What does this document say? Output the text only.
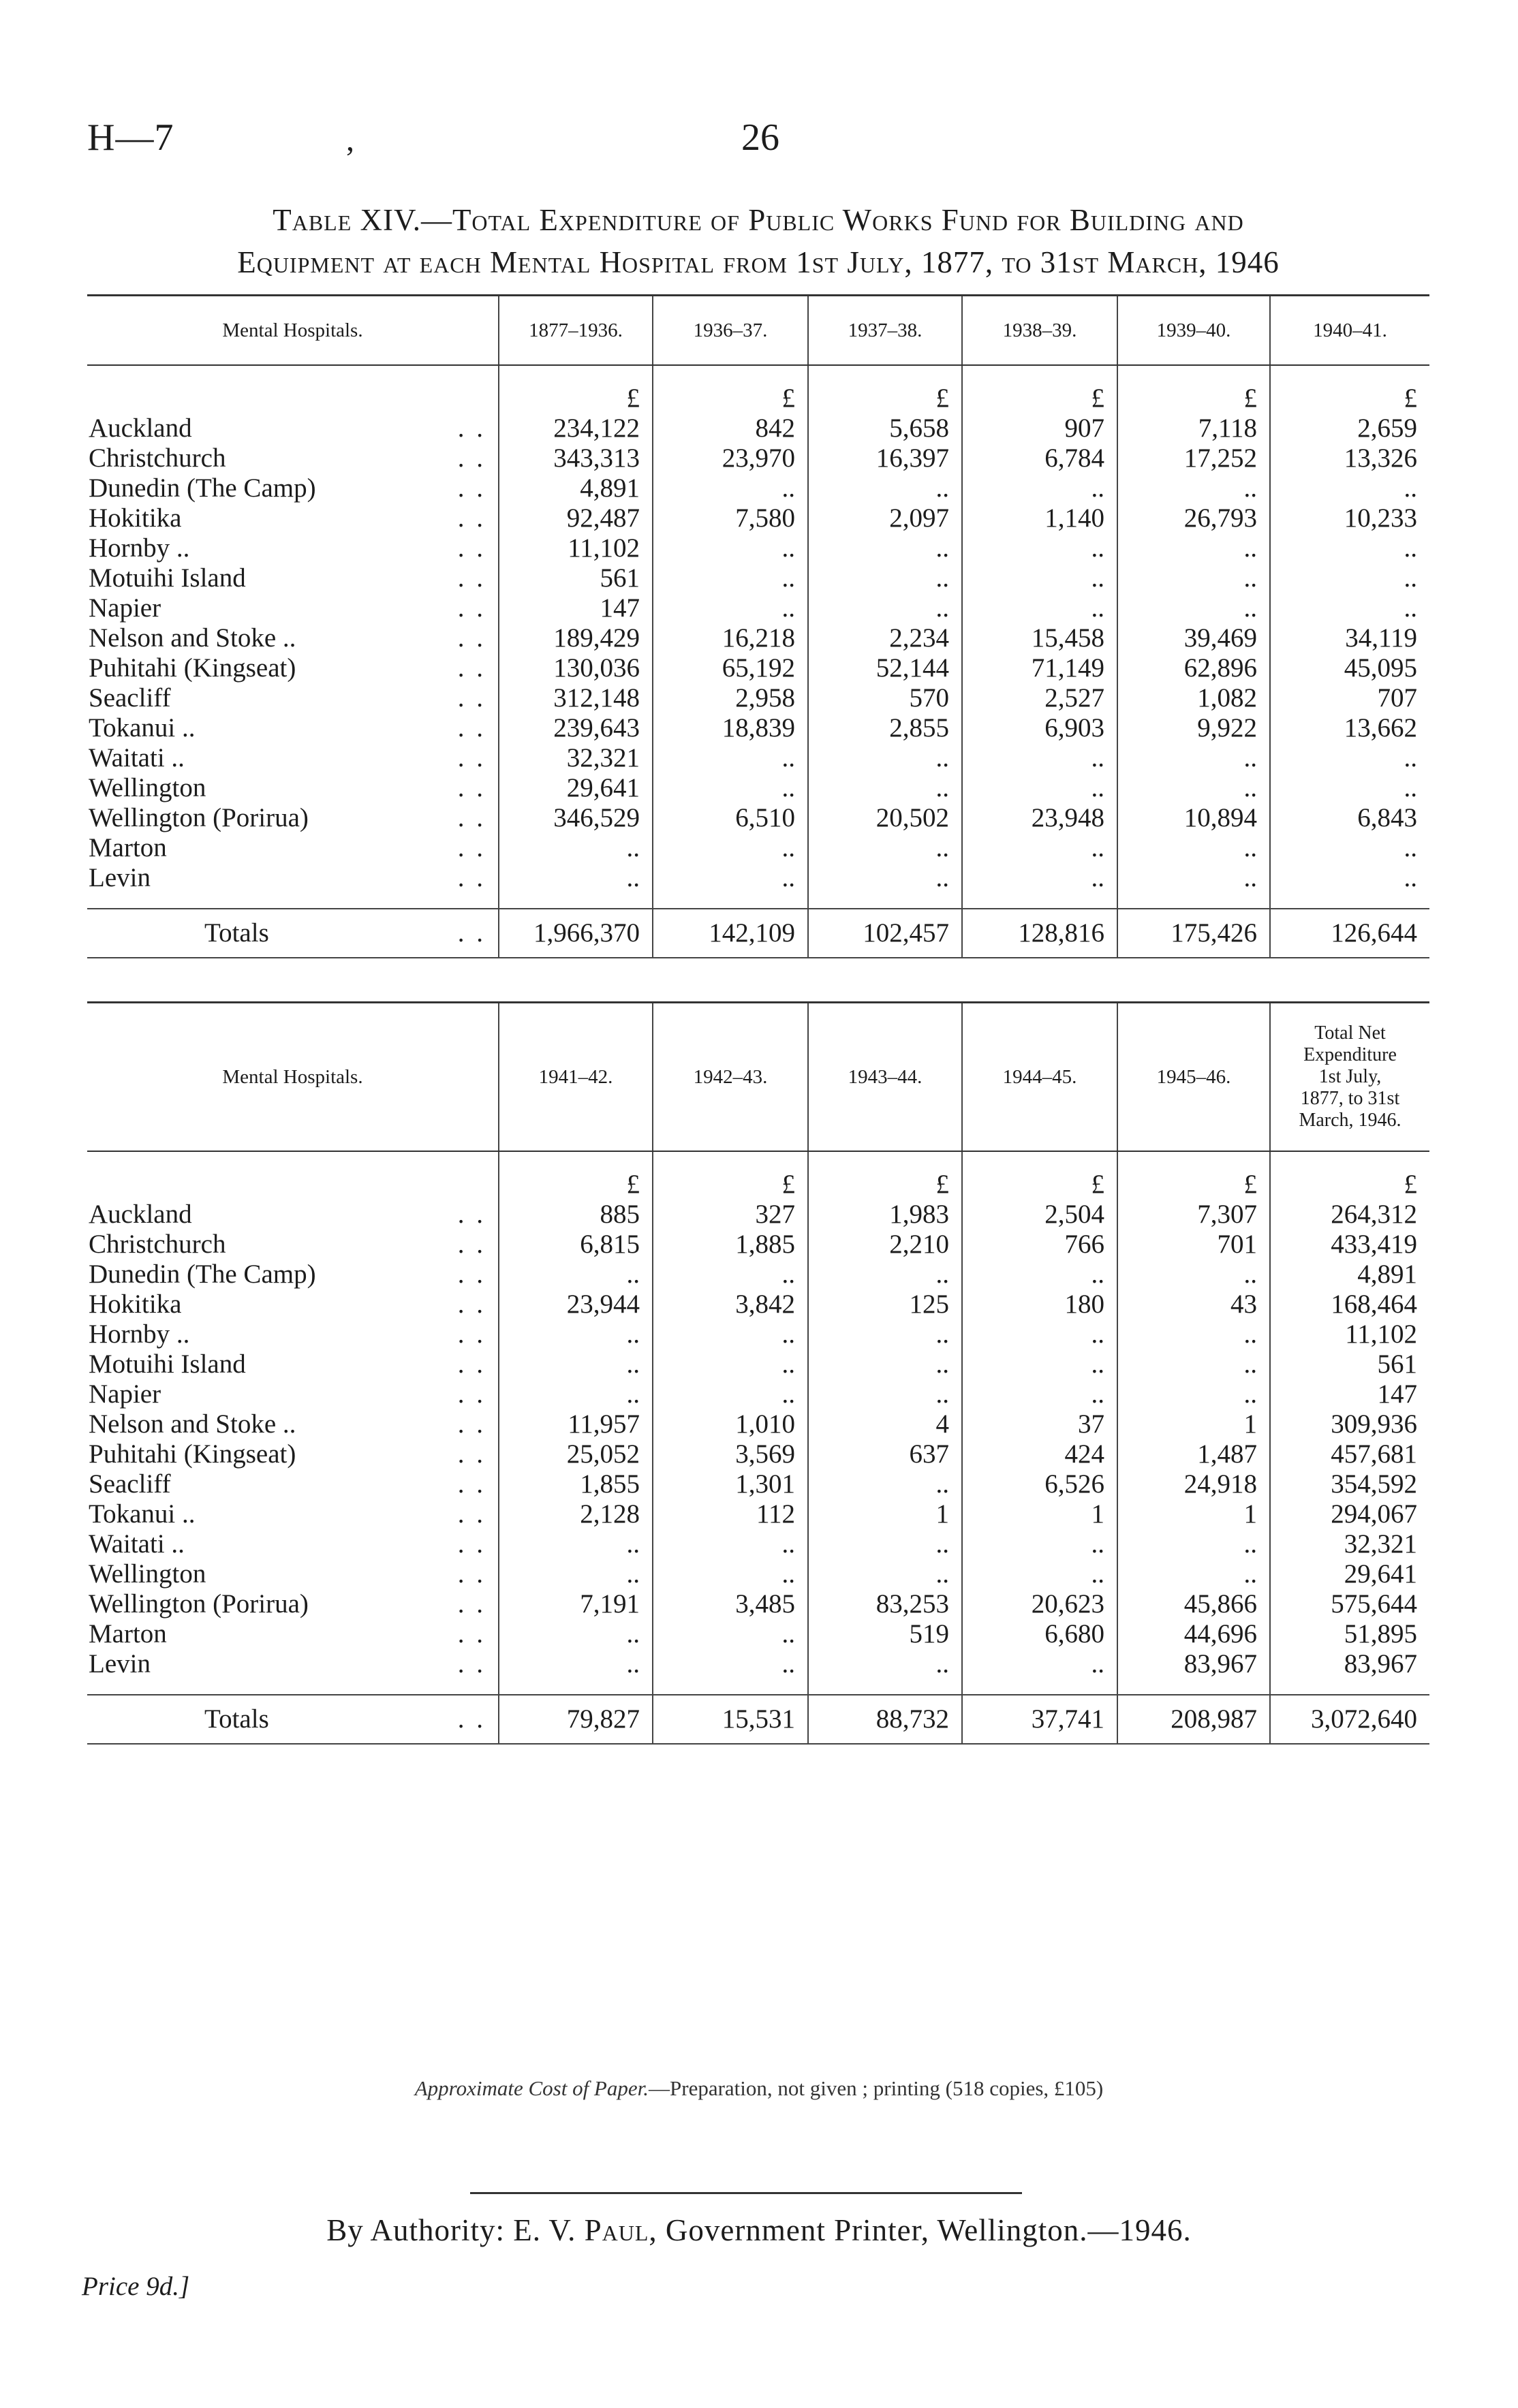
H—7	,	26
Table XIV.—Total Expenditure of Public Works Fund for Building and
Equipment at each Mental Hospital from 1st July, 1877, to 31st March, 1946
Mental Hospitals.	1877–1936.	1936–37.	1937–38.	1938–39.	1939–40.	1940–41.
	£	£	£	£	£	£
Auckland . .	234,122	842	5,658	907	7,118	2,659
Christchurch . .	343,313	23,970	16,397	6,784	17,252	13,326
Dunedin (The Camp) . .	4,891	..	..	..	..	..
Hokitika . .	92,487	7,580	2,097	1,140	26,793	10,233
Hornby .. . .	11,102	..	..	..	..	..
Motuihi Island . .	561	..	..	..	..	..
Napier . .	147	..	..	..	..	..
Nelson and Stoke .. . .	189,429	16,218	2,234	15,458	39,469	34,119
Puhitahi (Kingseat) . .	130,036	65,192	52,144	71,149	62,896	45,095
Seacliff . .	312,148	2,958	570	2,527	1,082	707
Tokanui .. . .	239,643	18,839	2,855	6,903	9,922	13,662
Waitati .. . .	32,321	..	..	..	..	..
Wellington . .	29,641	..	..	..	..	..
Wellington (Porirua) . .	346,529	6,510	20,502	23,948	10,894	6,843
Marton . .	..	..	..	..	..	..
Levin . .	..	..	..	..	..	..

Totals . .	1,966,370	142,109	102,457	128,816	175,426	126,644
Mental Hospitals.	1941–42.	1942–43.	1943–44.	1944–45.	1945–46.	Total Net
Expenditure
1st July,
1877, to 31st
March, 1946.

	£	£	£	£	£	£
Auckland . .	885	327	1,983	2,504	7,307	264,312
Christchurch . .	6,815	1,885	2,210	766	701	433,419
Dunedin (The Camp) . .	..	..	..	..	..	4,891
Hokitika . .	23,944	3,842	125	180	43	168,464
Hornby .. . .	..	..	..	..	..	11,102
Motuihi Island . .	..	..	..	..	..	561
Napier . .	..	..	..	..	..	147
Nelson and Stoke .. . .	11,957	1,010	4	37	1	309,936
Puhitahi (Kingseat) . .	25,052	3,569	637	424	1,487	457,681
Seacliff . .	1,855	1,301	..	6,526	24,918	354,592
Tokanui .. . .	2,128	112	1	1	1	294,067
Waitati .. . .	..	..	..	..	..	32,321
Wellington . .	..	..	..	..	..	29,641
Wellington (Porirua) . .	7,191	3,485	83,253	20,623	45,866	575,644
Marton . .	..	..	519	6,680	44,696	51,895
Levin . .	..	..	..	..	83,967	83,967

Totals . .	79,827	15,531	88,732	37,741	208,987	3,072,640
Approximate Cost of Paper.—Preparation, not given ; printing (518 copies, £105)
By Authority: E. V. Paul, Government Printer, Wellington.—1946.
Price 9d.]
